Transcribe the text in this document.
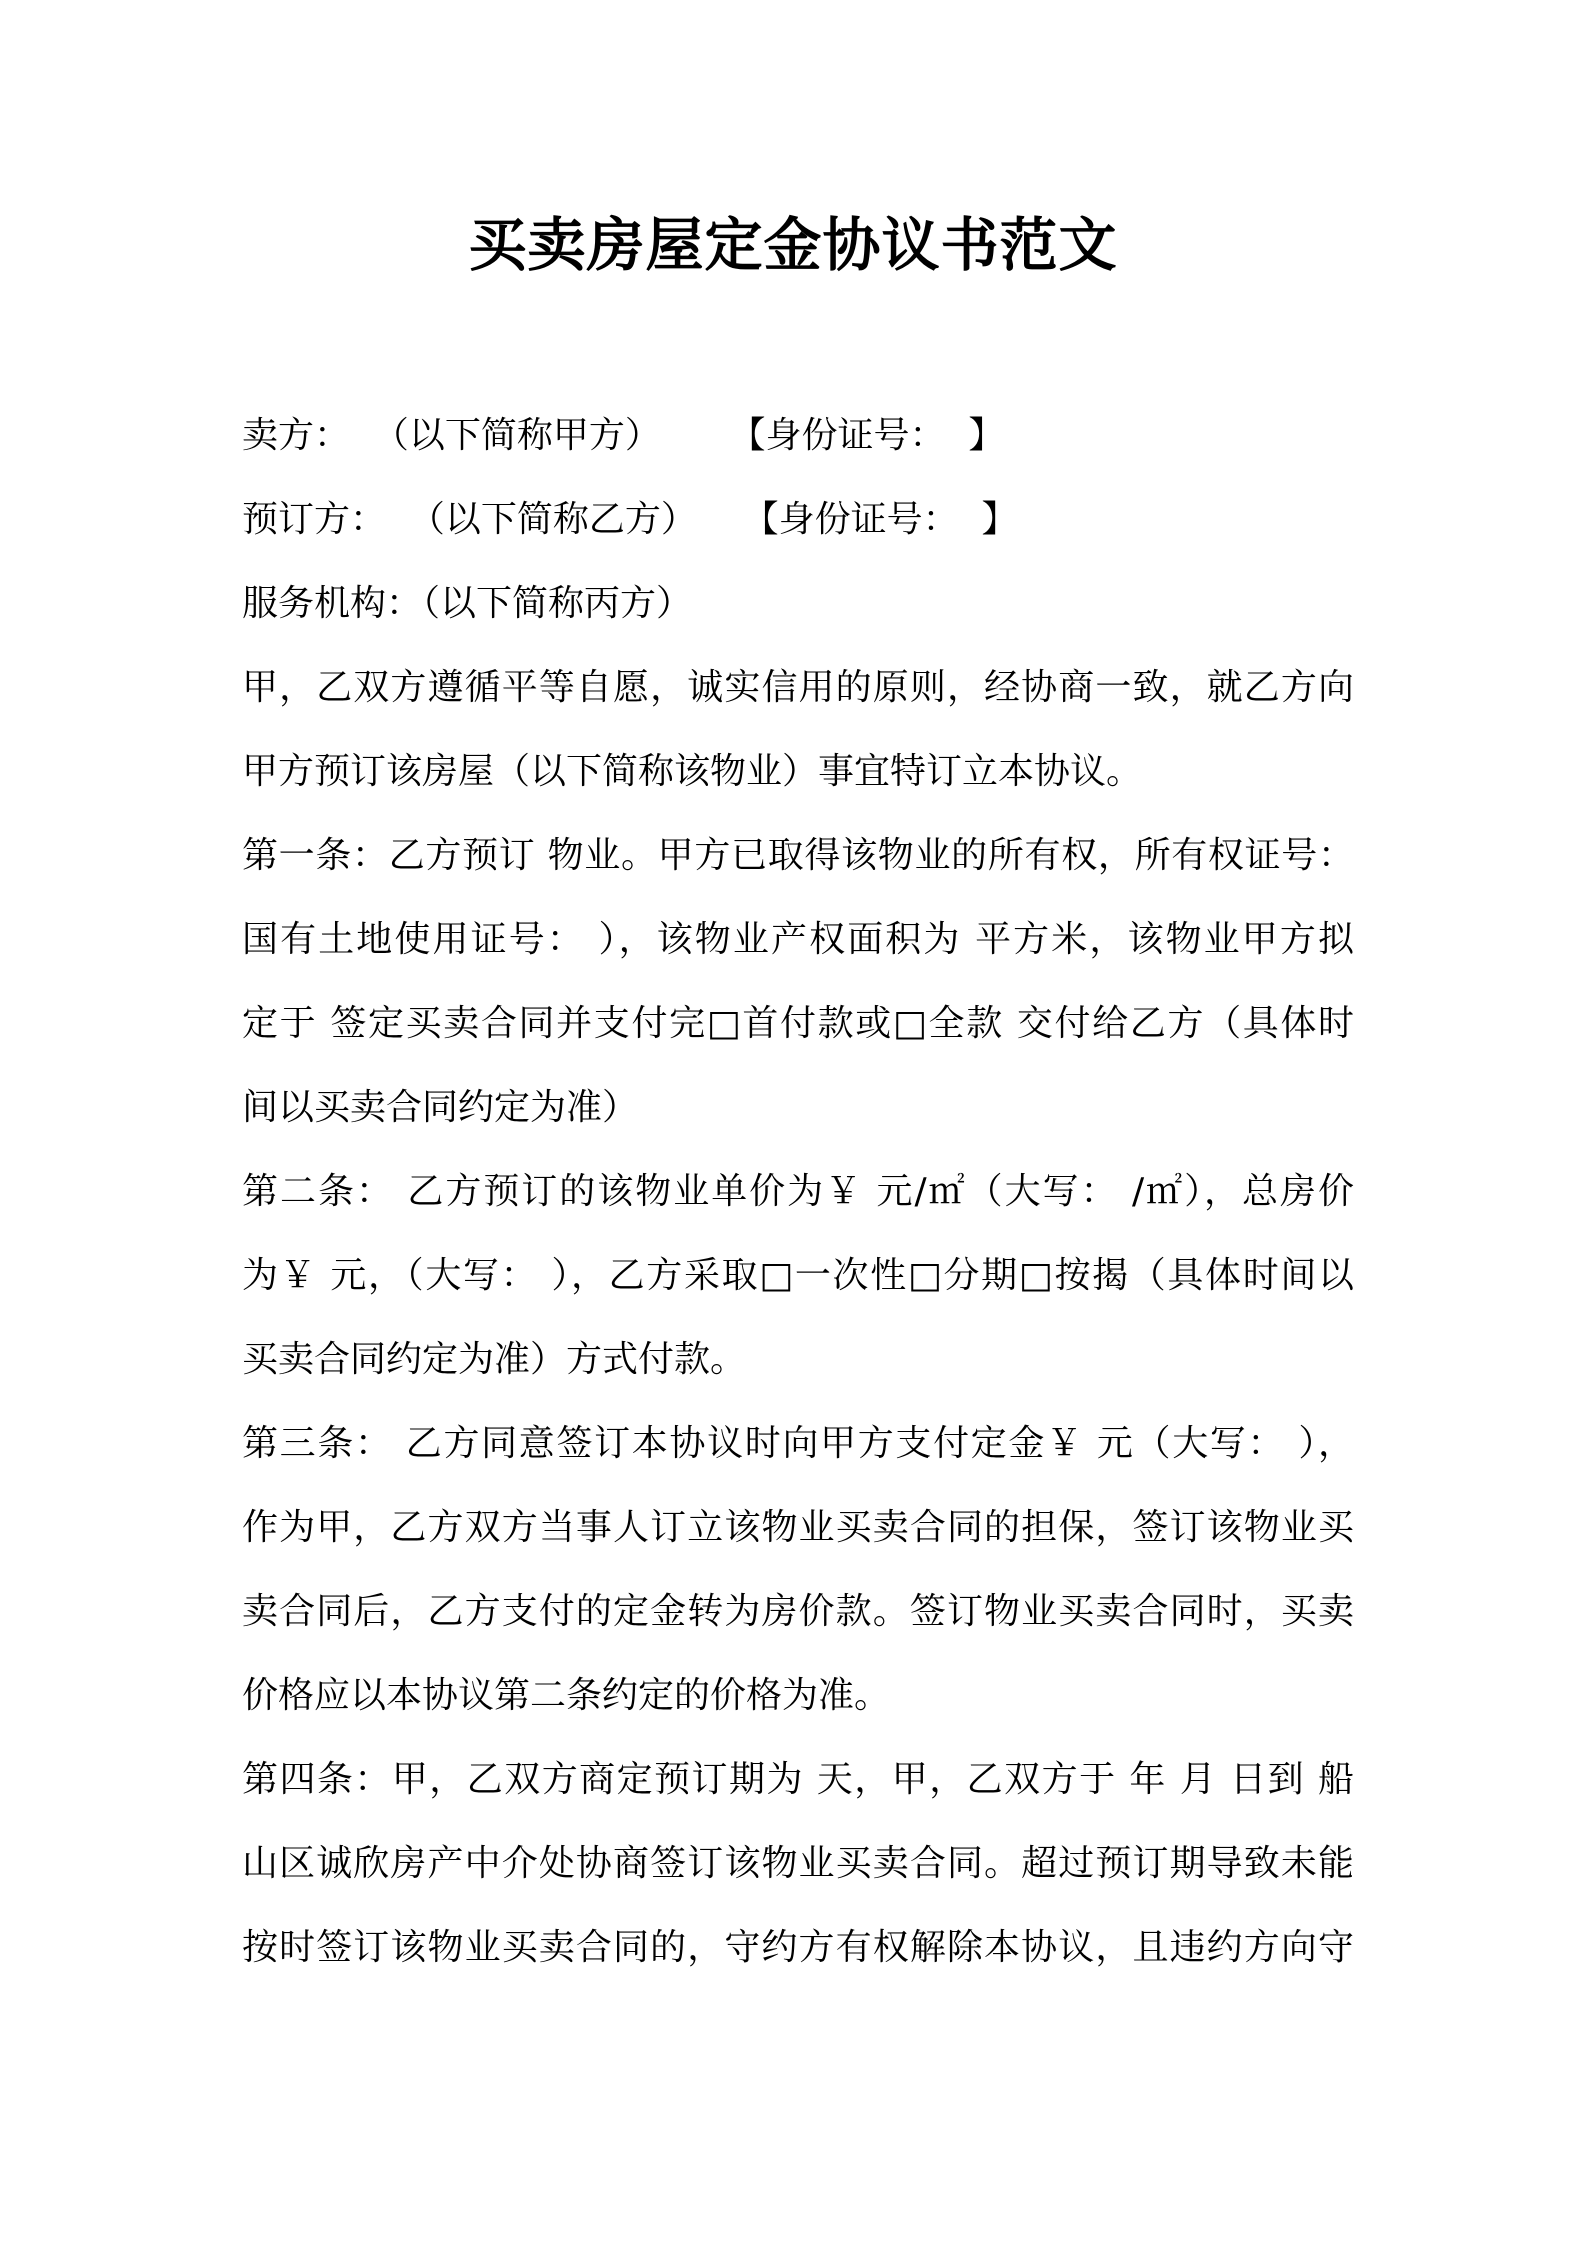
买卖房屋定金协议书范文
卖方：  （以下简称甲方）      【身份证号：  】
预订方：  （以下简称乙方）    【身份证号：  】
服务机构：（以下简称丙方）
甲，乙双方遵循平等自愿，诚实信用的原则，经协商一致，就乙方向
甲方预订该房屋（以下简称该物业）事宜特订立本协议。
第一条：乙方预订 物业。甲方已取得该物业的所有权，所有权证号：
国有土地使用证号： ），该物业产权面积为 平方米，该物业甲方拟
定于 签定买卖合同并支付完□首付款或□全款 交付给乙方（具体时
间以买卖合同约定为准）
第二条： 乙方预订的该物业单价为￥ 元/㎡（大写： /㎡），总房价
为￥ 元，（大写： ），乙方采取□一次性□分期□按揭（具体时间以
买卖合同约定为准）方式付款。
第三条： 乙方同意签订本协议时向甲方支付定金￥ 元（大写： ），
作为甲，乙方双方当事人订立该物业买卖合同的担保，签订该物业买
卖合同后，乙方支付的定金转为房价款。签订物业买卖合同时，买卖
价格应以本协议第二条约定的价格为准。
第四条：甲，乙双方商定预订期为 天，甲，乙双方于 年 月 日到 船
山区诚欣房产中介处协商签订该物业买卖合同。超过预订期导致未能
按时签订该物业买卖合同的，守约方有权解除本协议，且违约方向守
